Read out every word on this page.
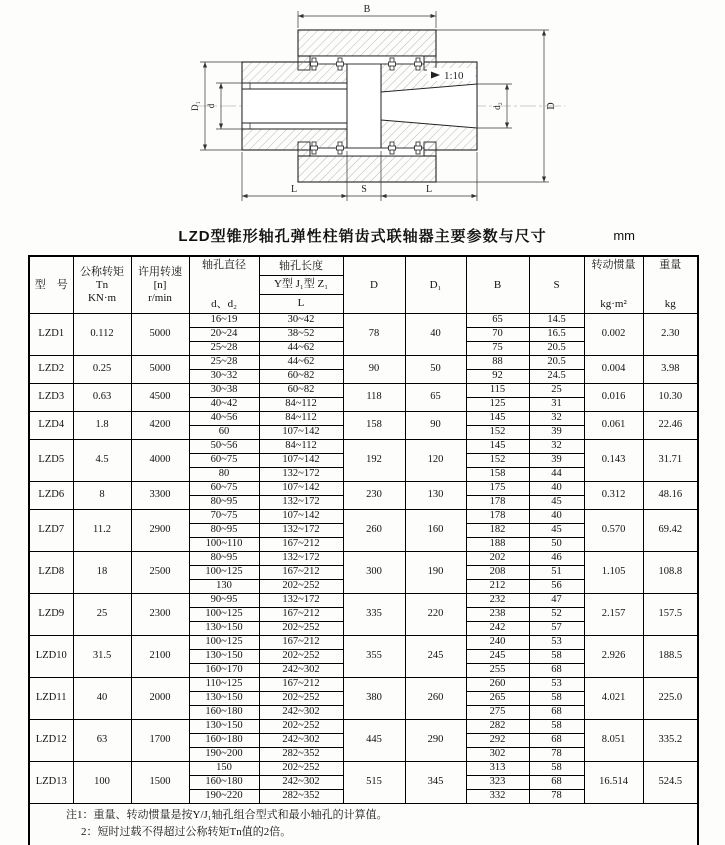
1:10
B
D
d₂
D₁ d
L	S	L
LZD型锥形轴孔弹性柱销齿式联轴器主要参数与尺寸	mm
型　号	公称转矩
Tn
KN·m	许用转速
[n]
r/min	轴孔直径
d、d₂	轴孔长度	D	D₁	B	S	转动惯量
kg·m²	重量
kg

				Y型 J₁型 Z₁						
				L						
LZD1	0.112	5000	16~19	30~42	78	40	65	14.5	0.002	2.30
			20~24	38~52			70	16.5		
			25~28	44~62			75	20.5		
LZD2	0.25	5000	25~28	44~62	90	50	88	20.5	0.004	3.98
			30~32	60~82			92	24.5		
LZD3	0.63	4500	30~38	60~82	118	65	115	25	0.016	10.30
			40~42	84~112			125	31		
LZD4	1.8	4200	40~56	84~112	158	90	145	32	0.061	22.46
			60	107~142			152	39		
LZD5	4.5	4000	50~56	84~112	192	120	145	32	0.143	31.71
			60~75	107~142			152	39		
			80	132~172			158	44		
LZD6	8	3300	60~75	107~142	230	130	175	40	0.312	48.16
			80~95	132~172			178	45		
LZD7	11.2	2900	70~75	107~142	260	160	178	40	0.570	69.42
			80~95	132~172			182	45		
			100~110	167~212			188	50		
LZD8	18	2500	80~95	132~172	300	190	202	46	1.105	108.8
			100~125	167~212			208	51		
			130	202~252			212	56		
LZD9	25	2300	90~95	132~172	335	220	232	47	2.157	157.5
			100~125	167~212			238	52		
			130~150	202~252			242	57		
LZD10	31.5	2100	100~125	167~212	355	245	240	53	2.926	188.5
			130~150	202~252			245	58		
			160~170	242~302			255	68		
LZD11	40	2000	110~125	167~212	380	260	260	53	4.021	225.0
			130~150	202~252			265	58		
			160~180	242~302			275	68		
LZD12	63	1700	130~150	202~252	445	290	282	58	8.051	335.2
			160~180	242~302			292	68		
			190~200	282~352			302	78		
LZD13	100	1500	150	202~252	515	345	313	58	16.514	524.5
			160~180	242~302			323	68		
			190~220	282~352			332	78		

注1：重量、转动惯量是按Y/J₁轴孔组合型式和最小轴孔的计算值。
2：短时过载不得超过公称转矩Tn值的2倍。										
